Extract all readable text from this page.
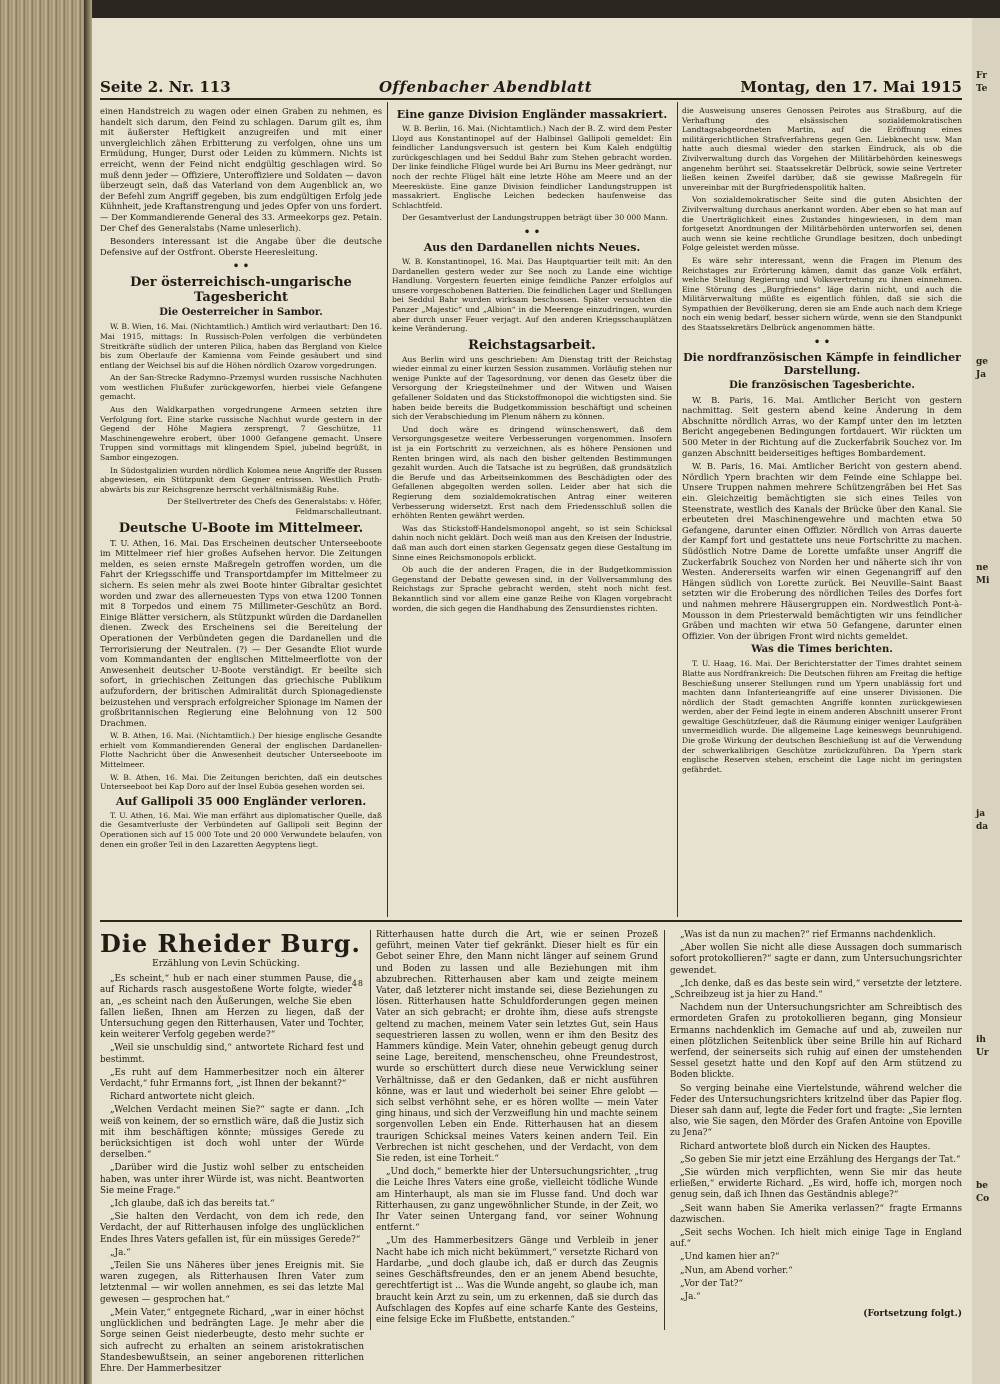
Seite 2. Nr. 113	Offenbacher Abendblatt	Montag, den 17. Mai 1915

einen Handstreich zu wagen oder einen Graben zu nehmen, es handelt sich darum, den Feind zu schlagen. Darum gilt es, ihm mit äußerster Heftigkeit anzugreifen und mit einer unvergleichlich zähen Erbitterung zu verfolgen, ohne uns um Ermüdung, Hunger, Durst oder Leiden zu kümmern. Nichts ist erreicht, wenn der Feind nicht endgültig geschlagen wird. So muß denn jeder — Offiziere, Unteroffiziere und Soldaten — davon überzeugt sein, daß das Vaterland von dem Augenblick an, wo der Befehl zum Angriff gegeben, bis zum endgültigen Erfolg jede Kühnheit, jede Kraftanstrengung und jedes Opfer von uns fordert. — Der Kommandierende General des 33. Armeekorps gez. Petain. Der Chef des Generalstabs (Name unleserlich).

Besonders interessant ist die Angabe über die deutsche Defensive auf der Ostfront. Oberste Heeresleitung.

• •
Der österreichisch-ungarische Tagesbericht
Die Oesterreicher in Sambor.

W. B. Wien, 16. Mai. (Nichtamtlich.) Amtlich wird verlautbart: Den 16. Mai 1915, mittags: In Russisch-Polen verfolgen die verbündeten Streitkräfte südlich der unteren Pilica, haben das Bergland von Kielce bis zum Oberlaufe der Kamienna vom Feinde gesäubert und sind entlang der Weichsel bis auf die Höhen nördlich Ozarow vorgedrungen.

An der San-Strecke Radymno–Przemysl wurden russische Nachhuten vom westlichen Flußufer zurückgeworfen, hierbei viele Gefangene gemacht.

Aus den Waldkarpathen vorgedrungene Armeen setzten ihre Verfolgung fort. Eine starke russische Nachhut wurde gestern in der Gegend der Höhe Magiera zersprengt, 7 Geschütze, 11 Maschinengewehre erobert, über 1000 Gefangene gemacht. Unsere Truppen sind vormittags mit klingendem Spiel, jubelnd begrüßt, in Sambor eingezogen.

In Südostgalizien wurden nördlich Kolomea neue Angriffe der Russen abgewiesen, ein Stützpunkt dem Gegner entrissen. Westlich Pruth-abwärts bis zur Reichsgrenze herrscht verhältnismäßig Ruhe.

Der Stellvertreter des Chefs des Generalstabs: v. Höfer, Feldmarschalleutnant.

Deutsche U-Boote im Mittelmeer.

T. U. Athen, 16. Mai. Das Erscheinen deutscher Unterseeboote im Mittelmeer rief hier großes Aufsehen hervor. Die Zeitungen melden, es seien ernste Maßregeln getroffen worden, um die Fahrt der Kriegsschiffe und Transportdampfer im Mittelmeer zu sichern. Es seien mehr als zwei Boote hinter Gibraltar gesichtet worden und zwar des allerneuesten Typs von etwa 1200 Tonnen mit 8 Torpedos und einem 75 Millimeter-Geschütz an Bord. Einige Blätter versichern, als Stützpunkt würden die Dardanellen dienen. Zweck des Erscheinens sei die Bereitelung der Operationen der Verbündeten gegen die Dardanellen und die Terrorisierung der Neutralen. (?) — Der Gesandte Eliot wurde vom Kommandanten der englischen Mittelmeerflotte von der Anwesenheit deutscher U-Boote verständigt. Er beeilte sich sofort, in griechischen Zeitungen das griechische Publikum aufzufordern, der britischen Admiralität durch Spionagedienste beizustehen und versprach erfolgreicher Spionage im Namen der großbritannischen Regierung eine Belohnung von 12 500 Drachmen.

W. B. Athen, 16. Mai. (Nichtamtlich.) Der hiesige englische Gesandte erhielt vom Kommandierenden General der englischen Dardanellen-Flotte Nachricht über die Anwesenheit deutscher Unterseeboote im Mittelmeer.

W. B. Athen, 16. Mai. Die Zeitungen berichten, daß ein deutsches Unterseeboot bei Kap Doro auf der Insel Euböa gesehen worden sei.

Auf Gallipoli 35 000 Engländer verloren.

T. U. Athen, 16. Mai. Wie man erfährt aus diplomatischer Quelle, daß die Gesamtverluste der Verbündeten auf Gallipoli seit Beginn der Operationen sich auf 15 000 Tote und 20 000 Verwundete belaufen, von denen ein großer Teil in den Lazaretten Aegyptens liegt.

Eine ganze Division Engländer massakriert.

W. B. Berlin, 16. Mai. (Nichtamtlich.) Nach der B. Z. wird dem Pester Lloyd aus Konstantinopel auf der Halbinsel Gallipoli gemeldet: Ein feindlicher Landungsversuch ist gestern bei Kum Kaleh endgültig zurückgeschlagen und bei Seddul Bahr zum Stehen gebracht worden. Der linke feindliche Flügel wurde bei Ari Burnu ins Meer gedrängt, nur noch der rechte Flügel hält eine letzte Höhe am Meere und an der Meeresküste. Eine ganze Division feindlicher Landungstruppen ist massakriert. Englische Leichen bedecken haufenweise das Schlachtfeld.

Der Gesamtverlust der Landungstruppen beträgt über 30 000 Mann.

• •
Aus den Dardanellen nichts Neues.

W. B. Konstantinopel, 16. Mai. Das Hauptquartier teilt mit: An den Dardanellen gestern weder zur See noch zu Lande eine wichtige Handlung. Vorgestern feuerten einige feindliche Panzer erfolglos auf unsere vorgeschobenen Batterien. Die feindlichen Lager und Stellungen bei Seddul Bahr wurden wirksam beschossen. Später versuchten die Panzer „Majestic“ und „Albion“ in die Meerenge einzudringen, wurden aber durch unser Feuer verjagt. Auf den anderen Kriegsschauplätzen keine Veränderung.

Reichstagsarbeit.

Aus Berlin wird uns geschrieben: Am Dienstag tritt der Reichstag wieder einmal zu einer kurzen Session zusammen. Vorläufig stehen nur wenige Punkte auf der Tagesordnung, vor denen das Gesetz über die Versorgung der Kriegsteilnehmer und der Witwen und Waisen gefallener Soldaten und das Stickstoffmonopol die wichtigsten sind. Sie haben beide bereits die Budgetkommission beschäftigt und scheinen sich der Verabschiedung im Plenum nähern zu können.

Und doch wäre es dringend wünschenswert, daß dem Versorgungsgesetze weitere Verbesserungen vorgenommen. Insofern ist ja ein Fortschritt zu verzeichnen, als es höhere Pensionen und Renten bringen wird, als nach den bisher geltenden Bestimmungen gezahlt wurden. Auch die Tatsache ist zu begrüßen, daß grundsätzlich die Berufe und das Arbeitseinkommen des Beschädigten oder des Gefallenen abgegolten werden sollen. Leider aber hat sich die Regierung dem sozialdemokratischen Antrag einer weiteren Verbesserung widersetzt. Erst nach dem Friedensschluß sollen die erhöhten Renten gewährt werden.

Was das Stickstoff-Handelsmonopol angeht, so ist sein Schicksal dahin noch nicht geklärt. Doch weiß man aus den Kreisen der Industrie, daß man auch dort einen starken Gegensatz gegen diese Gestaltung im Sinne eines Reichsmonopols erblickt.

Ob auch die der anderen Fragen, die in der Budgetkommission Gegenstand der Debatte gewesen sind, in der Vollversammlung des Reichstags zur Sprache gebracht werden, steht noch nicht fest. Bekanntlich sind vor allem eine ganze Reihe von Klagen vorgebracht worden, die sich gegen die Handhabung des Zensurdienstes richten.

die Ausweisung unseres Genossen Peirotes aus Straßburg, auf die Verhaftung des elsässischen sozialdemokratischen Landtagsabgeordneten Martin, auf die Eröffnung eines militärgerichtlichen Strafverfahrens gegen Gen. Liebknecht usw. Man hatte auch diesmal wieder den starken Eindruck, als ob die Zivilverwaltung durch das Vorgehen der Militärbehörden keineswegs angenehm berührt sei. Staatssekretär Delbrück, sowie seine Vertreter ließen keinen Zweifel darüber, daß sie gewisse Maßregeln für unvereinbar mit der Burgfriedenspolitik halten.

Von sozialdemokratischer Seite sind die guten Absichten der Zivilverwaltung durchaus anerkannt worden. Aber eben so hat man auf die Unerträglichkeit eines Zustandes hingewiesen, in dem man fortgesetzt Anordnungen der Militärbehörden unterworfen sei, denen auch wenn sie keine rechtliche Grundlage besitzen, doch unbedingt Folge geleistet werden müsse.

Es wäre sehr interessant, wenn die Fragen im Plenum des Reichstages zur Erörterung kämen, damit das ganze Volk erfährt, welche Stellung Regierung und Volksvertretung zu ihnen einnehmen. Eine Störung des „Burgfriedens“ läge darin nicht, und auch die Militärverwaltung müßte es eigentlich fühlen, daß sie sich die Sympathien der Bevölkerung, deren sie am Ende auch nach dem Kriege noch ein wenig bedarf, besser sichern würde, wenn sie den Standpunkt des Staatssekretärs Delbrück angenommen hätte.

• •
Die nordfranzösischen Kämpfe in feindlicher Darstellung.
Die französischen Tagesberichte.

W. B. Paris, 16. Mai. Amtlicher Bericht von gestern nachmittag. Seit gestern abend keine Änderung in dem Abschnitte nördlich Arras, wo der Kampf unter den im letzten Bericht angegebenen Bedingungen fortdauert. Wir rückten um 500 Meter in der Richtung auf die Zuckerfabrik Souchez vor. Im ganzen Abschnitt beiderseitiges heftiges Bombardement.

W. B. Paris, 16. Mai. Amtlicher Bericht von gestern abend. Nördlich Ypern brachten wir dem Feinde eine Schlappe bei. Unsere Truppen nahmen mehrere Schützengräben bei Het Sas ein. Gleichzeitig bemächtigten sie sich eines Teiles von Steenstrate, westlich des Kanals der Brücke über den Kanal. Sie erbeuteten drei Maschinengewehre und machten etwa 50 Gefangene, darunter einen Offizier. Nördlich von Arras dauerte der Kampf fort und gestattete uns neue Fortschritte zu machen. Südöstlich Notre Dame de Lorette umfaßte unser Angriff die Zuckerfabrik Souchez von Norden her und näherte sich ihr von Westen. Andererseits warfen wir einen Gegenangriff auf den Hängen südlich von Lorette zurück. Bei Neuville–Saint Baast setzten wir die Eroberung des nördlichen Teiles des Dorfes fort und nahmen mehrere Häusergruppen ein. Nordwestlich Pont-à-Mousson in dem Priesterwald bemächtigten wir uns feindlicher Gräben und machten wir etwa 50 Gefangene, darunter einen Offizier. Von der übrigen Front wird nichts gemeldet.

Was die Times berichten.

T. U. Haag, 16. Mai. Der Berichterstatter der Times drahtet seinem Blatte aus Nordfrankreich: Die Deutschen führen am Freitag die heftige Beschießung unserer Stellungen rund um Ypern unablässig fort und machten dann Infanterieangriffe auf eine unserer Divisionen. Die nördlich der Stadt gemachten Angriffe konnten zurückgewiesen werden, aber der Feind legte in einem anderen Abschnitt unserer Front gewaltige Geschützfeuer, daß die Räumung einiger weniger Laufgräben unvermeidlich wurde. Die allgemeine Lage keineswegs beunruhigend. Die große Wirkung der deutschen Beschießung ist auf die Verwendung der schwerkalibrigen Geschütze zurückzuführen. Da Ypern stark englische Reserven stehen, erscheint die Lage nicht im geringsten gefährdet.

Die Rheider Burg.
48
Erzählung von Levin Schücking.

„Es scheint,“ hub er nach einer stummen Pause, die auf Richards rasch ausgestoßene Worte folgte, wieder an, „es scheint nach den Äußerungen, welche Sie eben fallen ließen, Ihnen am Herzen zu liegen, daß der Untersuchung gegen den Ritterhausen, Vater und Tochter, kein weiterer Verfolg gegeben werde?“

„Weil sie unschuldig sind,“ antwortete Richard fest und bestimmt.

„Es ruht auf dem Hammerbesitzer noch ein älterer Verdacht,“ fuhr Ermanns fort, „ist Ihnen der bekannt?“

Richard antwortete nicht gleich.

„Welchen Verdacht meinen Sie?“ sagte er dann. „Ich weiß von keinem, der so ernstlich wäre, daß die Justiz sich mit ihm beschäftigen könnte; müssiges Gerede zu berücksichtigen ist doch wohl unter der Würde derselben.“

„Darüber wird die Justiz wohl selber zu entscheiden haben, was unter ihrer Würde ist, was nicht. Beantworten Sie meine Frage.“

„Ich glaube, daß ich das bereits tat.“

„Sie halten den Verdacht, von dem ich rede, den Verdacht, der auf Ritterhausen infolge des unglücklichen Endes Ihres Vaters gefallen ist, für ein müssiges Gerede?“

„Ja.“

„Teilen Sie uns Näheres über jenes Ereignis mit. Sie waren zugegen, als Ritterhausen Ihren Vater zum letztenmal — wir wollen annehmen, es sei das letzte Mal gewesen — gesprochen hat.“

„Mein Vater,“ entgegnete Richard, „war in einer höchst unglücklichen und bedrängten Lage. Je mehr aber die Sorge seinen Geist niederbeugte, desto mehr suchte er sich aufrecht zu erhalten an seinem aristokratischen Standesbewußtsein, an seiner angeborenen ritterlichen Ehre. Der Hammerbesitzer

Ritterhausen hatte durch die Art, wie er seinen Prozeß geführt, meinen Vater tief gekränkt. Dieser hielt es für ein Gebot seiner Ehre, den Mann nicht länger auf seinem Grund und Boden zu lassen und alle Beziehungen mit ihm abzubrechen. Ritterhausen aber kam und zeigte meinem Vater, daß letzterer nicht imstande sei, diese Beziehungen zu lösen. Ritterhausen hatte Schuldforderungen gegen meinen Vater an sich gebracht; er drohte ihm, diese aufs strengste geltend zu machen, meinem Vater sein letztes Gut, sein Haus sequestrieren lassen zu wollen, wenn er ihm den Besitz des Hammers kündige. Mein Vater, ohnehin gebeugt genug durch seine Lage, bereitend, menschenscheu, ohne Freundestrost, wurde so erschüttert durch diese neue Verwicklung seiner Verhältnisse, daß er den Gedanken, daß er nicht ausführen könne, was er laut und wiederholt bei seiner Ehre gelobt — sich selbst verhöhnt sehe, er es hören wollte — mein Vater ging hinaus, und sich der Verzweiflung hin und machte seinem sorgenvollen Leben ein Ende. Ritterhausen hat an diesem traurigen Schicksal meines Vaters keinen andern Teil. Ein Verbrechen ist nicht geschehen, und der Verdacht, von dem Sie reden, ist eine Torheit.“

„Und doch,“ bemerkte hier der Untersuchungsrichter, „trug die Leiche Ihres Vaters eine große, vielleicht tödliche Wunde am Hinterhaupt, als man sie im Flusse fand. Und doch war Ritterhausen, zu ganz ungewöhnlicher Stunde, in der Zeit, wo Ihr Vater seinen Untergang fand, vor seiner Wohnung entfernt.“

„Um des Hammerbesitzers Gänge und Verbleib in jener Nacht habe ich mich nicht bekümmert,“ versetzte Richard von Hardarbe, „und doch glaube ich, daß er durch das Zeugnis seines Geschäftsfreundes, den er an jenem Abend besuchte, gerechtfertigt ist ... Was die Wunde angeht, so glaube ich, man braucht kein Arzt zu sein, um zu erkennen, daß sie durch das Aufschlagen des Kopfes auf eine scharfe Kante des Gesteins, eine felsige Ecke im Flußbette, entstanden.“

„Was ist da nun zu machen?“ rief Ermanns nachdenklich.

„Aber wollen Sie nicht alle diese Aussagen doch summarisch sofort protokollieren?“ sagte er dann, zum Untersuchungsrichter gewendet.

„Ich denke, daß es das beste sein wird,“ versetzte der letztere. „Schreibzeug ist ja hier zu Hand.“

Nachdem nun der Untersuchungsrichter am Schreibtisch des ermordeten Grafen zu protokollieren begann, ging Monsieur Ermanns nachdenklich im Gemache auf und ab, zuweilen nur einen plötzlichen Seitenblick über seine Brille hin auf Richard werfend, der seinerseits sich ruhig auf einen der umstehenden Sessel gesetzt hatte und den Kopf auf den Arm stützend zu Boden blickte.

So verging beinahe eine Viertelstunde, während welcher die Feder des Untersuchungsrichters kritzelnd über das Papier flog. Dieser sah dann auf, legte die Feder fort und fragte: „Sie lernten also, wie Sie sagen, den Mörder des Grafen Antoine von Epoville zu Jena?“

Richard antwortete bloß durch ein Nicken des Hauptes.

„So geben Sie mir jetzt eine Erzählung des Hergangs der Tat.“

„Sie würden mich verpflichten, wenn Sie mir das heute erließen,“ erwiderte Richard. „Es wird, hoffe ich, morgen noch genug sein, daß ich Ihnen das Geständnis ablege?“

„Seit wann haben Sie Amerika verlassen?“ fragte Ermanns dazwischen.

„Seit sechs Wochen. Ich hielt mich einige Tage in England auf.“

„Und kamen hier an?“

„Nun, am Abend vorher.“

„Vor der Tat?“

„Ja.“

(Fortsetzung folgt.)
Fr
Te
ge
Ja
ne
Mi
ja
da
ih
Ur
be
Co
